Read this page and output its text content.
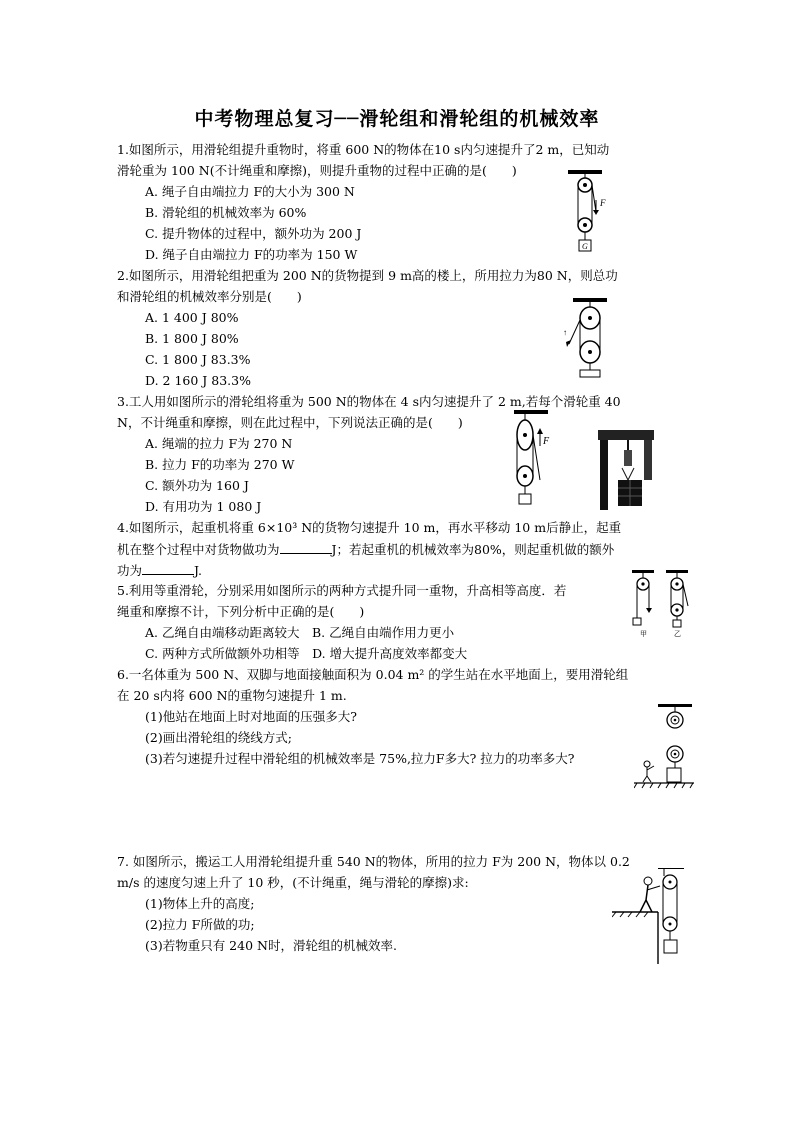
中考物理总复习──滑轮组和滑轮组的机械效率
1.如图所示，用滑轮组提升重物时，将重 600 N的物体在10 s内匀速提升了2 m，已知动
滑轮重为 100 N(不计绳重和摩擦)，则提升重物的过程中正确的是(　　)
A. 绳子自由端拉力 F的大小为 300 N
B. 滑轮组的机械效率为 60%
C. 提升物体的过程中，额外功为 200 J
D. 绳子自由端拉力 F的功率为 150 W
F
G
2.如图所示，用滑轮组把重为 200 N的货物提到 9 m高的楼上，所用拉力为80 N，则总功
和滑轮组的机械效率分别是(　　)
A. 1 400 J 80%
B. 1 800 J 80%
C. 1 800 J 83.3%
D. 2 160 J 83.3%
↑
3.工人用如图所示的滑轮组将重为 500 N的物体在 4 s内匀速提升了 2 m,若每个滑轮重 40
N，不计绳重和摩擦，则在此过程中，下列说法正确的是(　　)
A. 绳端的拉力 F为 270 N
B. 拉力 F的功率为 270 W
C. 额外功为 160 J
D. 有用功为 1 080 J
F
4.如图所示，起重机将重 6×10³ N的货物匀速提升 10 m，再水平移动 10 m后静止，起重
机在整个过程中对货物做功为	J；若起重机的机械效率为80%，则起重机做的额外
功为	J.
5.利用等重滑轮，分别采用如图所示的两种方式提升同一重物，升高相等高度．若
绳重和摩擦不计，下列分析中正确的是(　　)
A. 乙绳自由端移动距离较大　B. 乙绳自由端作用力更小
C. 两种方式所做额外功相等　D. 增大提升高度效率都变大
甲	乙
6.一名体重为 500 N、双脚与地面接触面积为 0.04 m² 的学生站在水平地面上，要用滑轮组
在 20 s内将 600 N的重物匀速提升 1 m.
(1)他站在地面上时对地面的压强多大?
(2)画出滑轮组的绕线方式;
(3)若匀速提升过程中滑轮组的机械效率是 75%,拉力F多大? 拉力的功率多大?
7. 如图所示，搬运工人用滑轮组提升重 540 N的物体，所用的拉力 F为 200 N，物体以 0.2
m/s 的速度匀速上升了 10 秒，(不计绳重，绳与滑轮的摩擦)求:
(1)物体上升的高度;
(2)拉力 F所做的功;
(3)若物重只有 240 N时，滑轮组的机械效率.
